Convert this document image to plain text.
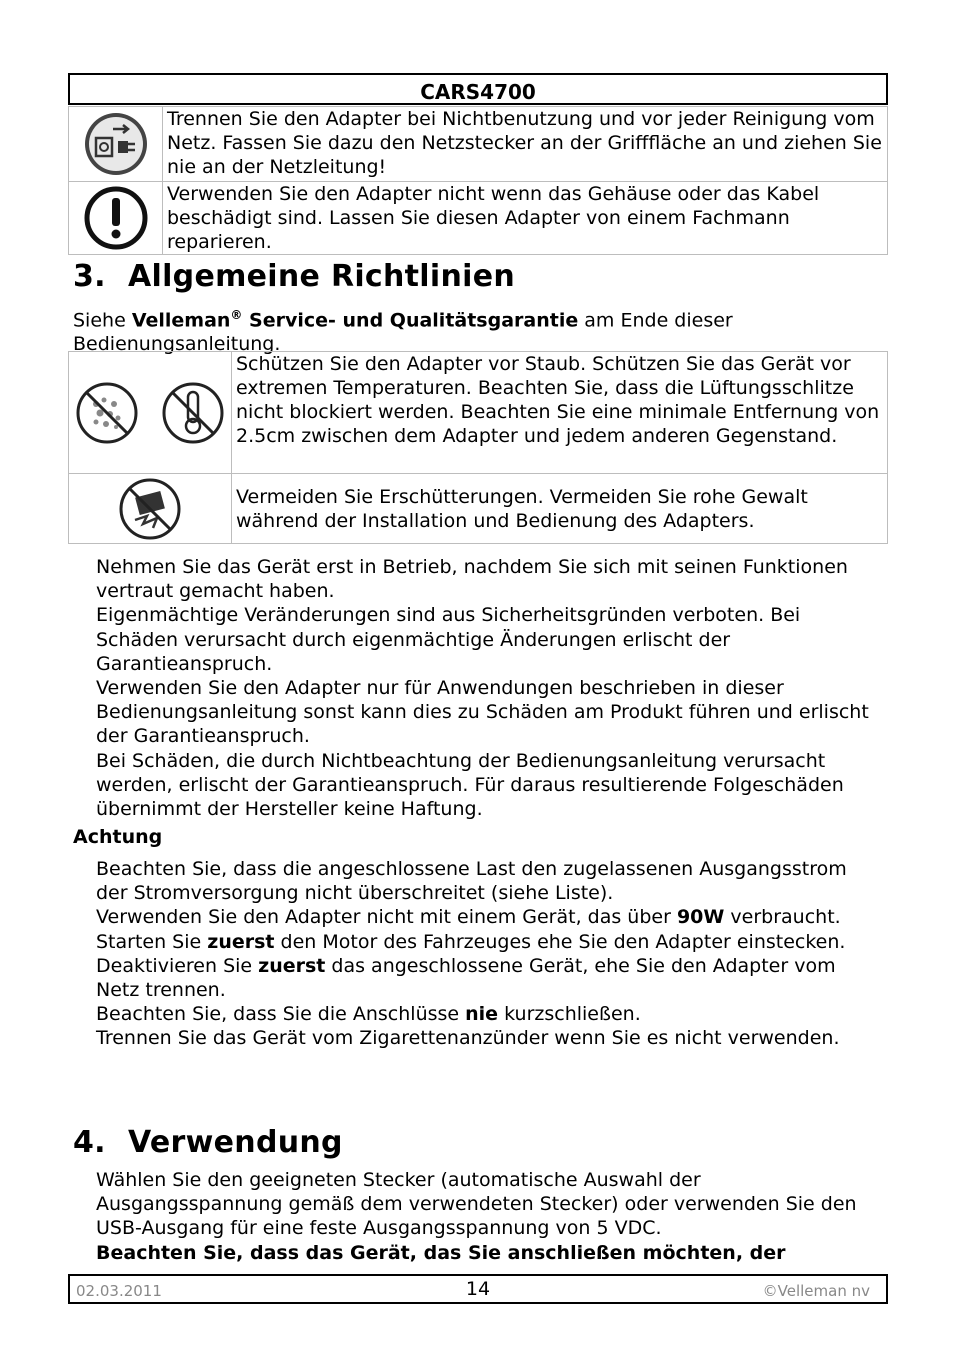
CARS4700
	Trennen Sie den Adapter bei Nichtbenutzung und vor jeder Reinigung vom Netz. Fassen Sie dazu den Netzstecker an der Grifffläche an und ziehen Sie nie an der Netzleitung!

	Verwenden Sie den Adapter nicht wenn das Gehäuse oder das Kabel beschädigt sind. Lassen Sie diesen Adapter von einem Fachmann reparieren.
3. Allgemeine Richtlinien
Siehe Velleman® Service- und Qualitätsgarantie am Ende dieser Bedienungsanleitung.
	Schützen Sie den Adapter vor Staub. Schützen Sie das Gerät vor extremen Temperaturen. Beachten Sie, dass die Lüftungsschlitze nicht blockiert werden. Beachten Sie eine minimale Entfernung von 2.5cm zwischen dem Adapter und jedem anderen Gegenstand.

	Vermeiden Sie Erschütterungen. Vermeiden Sie rohe Gewalt während der Installation und Bedienung des Adapters.

Nehmen Sie das Gerät erst in Betrieb, nachdem Sie sich mit seinen Funktionen vertraut gemacht haben.

Eigenmächtige Veränderungen sind aus Sicherheitsgründen verboten. Bei Schäden verursacht durch eigenmächtige Änderungen erlischt der Garantieanspruch.

Verwenden Sie den Adapter nur für Anwendungen beschrieben in dieser Bedienungsanleitung sonst kann dies zu Schäden am Produkt führen und erlischt der Garantieanspruch.

Bei Schäden, die durch Nichtbeachtung der Bedienungsanleitung verursacht werden, erlischt der Garantieanspruch. Für daraus resultierende Folgeschäden übernimmt der Hersteller keine Haftung.

Achtung

Beachten Sie, dass die angeschlossene Last den zugelassenen Ausgangsstrom der Stromversorgung nicht überschreitet (siehe Liste).

Verwenden Sie den Adapter nicht mit einem Gerät, das über 90W verbraucht.

Starten Sie zuerst den Motor des Fahrzeuges ehe Sie den Adapter einstecken.

Deaktivieren Sie zuerst das angeschlossene Gerät, ehe Sie den Adapter vom Netz trennen.

Beachten Sie, dass Sie die Anschlüsse nie kurzschließen.

Trennen Sie das Gerät vom Zigarettenanzünder wenn Sie es nicht verwenden.

4. Verwendung

Wählen Sie den geeigneten Stecker (automatische Auswahl der Ausgangsspannung gemäß dem verwendeten Stecker) oder verwenden Sie den USB-Ausgang für eine feste Ausgangsspannung von 5 VDC.

Beachten Sie, dass das Gerät, das Sie anschließen möchten, der

02.03.2011	14	©Velleman nv
